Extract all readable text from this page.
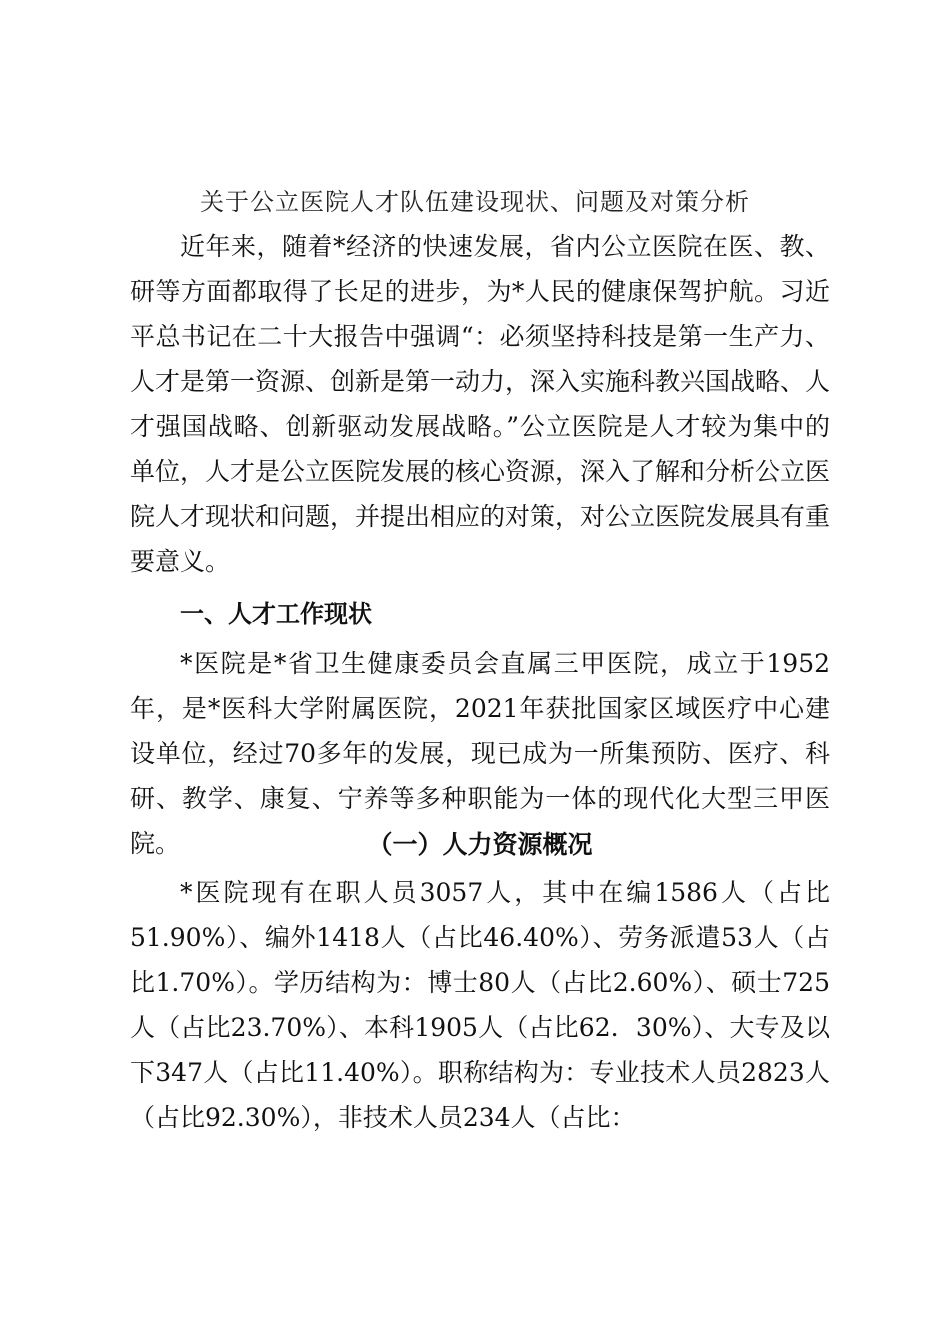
关于公立医院人才队伍建设现状、问题及对策分析

近年来，随着*经济的快速发展，省内公立医院在医、教、研等方面都取得了长足的进步，为*人民的健康保驾护航。习近平总书记在二十大报告中强调“：必须坚持科技是第一生产力、人才是第一资源、创新是第一动力，深入实施科教兴国战略、人才强国战略、创新驱动发展战略。”公立医院是人才较为集中的单位，人才是公立医院发展的核心资源，深入了解和分析公立医院人才现状和问题，并提出相应的对策，对公立医院发展具有重要意义。

一、人才工作现状

*医院是*省卫生健康委员会直属三甲医院，成立于1952年，是*医科大学附属医院，2021年获批国家区域医疗中心建设单位，经过70多年的发展，现已成为一所集预防、医疗、科研、教学、康复、宁养等多种职能为一体的现代化大型三甲医院。	（一）人力资源概况

*医院现有在职人员3057人，其中在编1586人（占比51.90%）、编外1418人（占比46.40%）、劳务派遣53人（占比1.70%）。学历结构为：博士80人（占比2.60%）、硕士725人（占比23.70%）、本科1905人（占比62．30%）、大专及以下347人（占比11.40%）。职称结构为：专业技术人员2823人（占比92.30%），非技术人员234人（占比：
